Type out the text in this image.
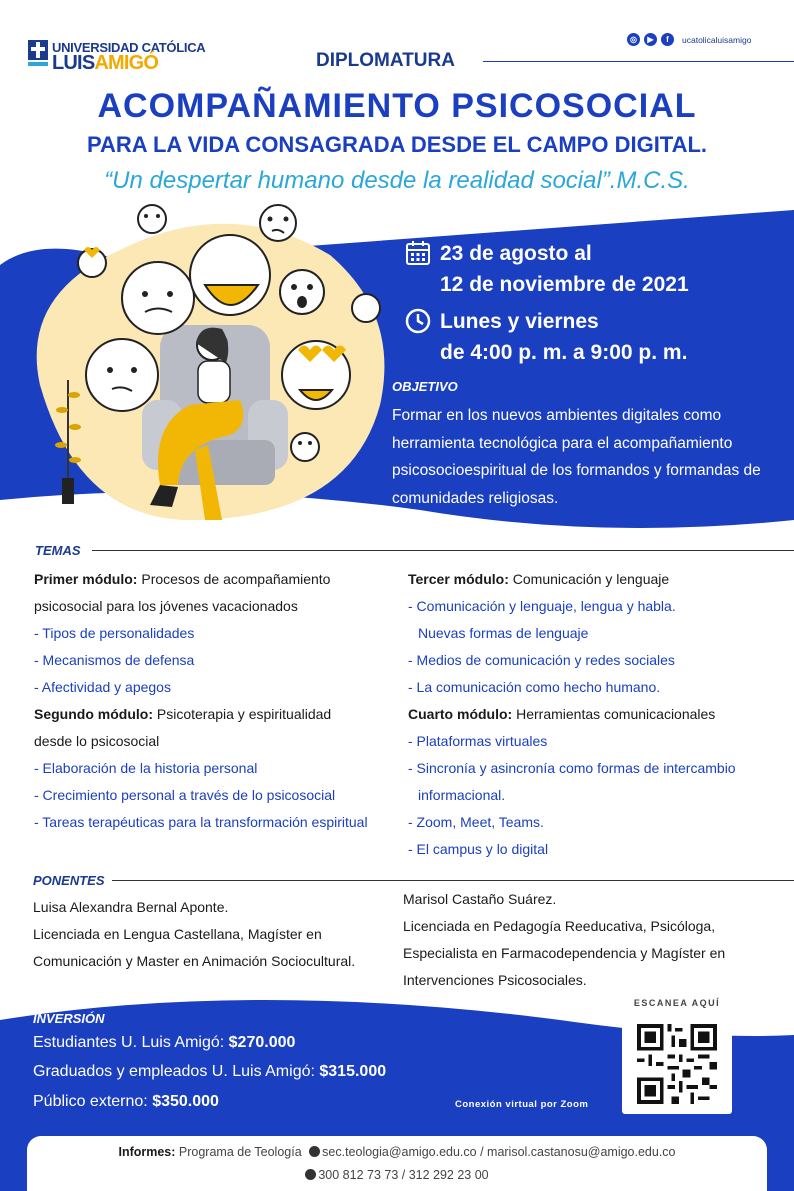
UNIVERSIDAD CATÓLICA
LUISAMIGÓ
◎	▶	f	ucatolicaluisamigo
DIPLOMATURA
ACOMPAÑAMIENTO PSICOSOCIAL
PARA LA VIDA CONSAGRADA DESDE EL CAMPO DIGITAL.
“Un despertar humano desde la realidad social”.M.C.S.
23 de agosto al
12 de noviembre de 2021
Lunes y viernes
de 4:00 p. m. a 9:00 p. m.
OBJETIVO
Formar en los nuevos ambientes digitales como herramienta tecnológica para el acompañamiento psicosocioespiritual de los formandos y formandas de comunidades religiosas.
TEMAS
Primer módulo: Procesos de acompañamiento
psicosocial para los jóvenes vacacionados
- Tipos de personalidades
- Mecanismos de defensa
- Afectividad y apegos
Segundo módulo: Psicoterapia y espiritualidad
desde lo psicosocial
- Elaboración de la historia personal
- Crecimiento personal a través de lo psicosocial
- Tareas terapéuticas para la transformación espiritual
Tercer módulo: Comunicación y lenguaje
- Comunicación y lenguaje, lengua y habla.
Nuevas formas de lenguaje
- Medios de comunicación y redes sociales
- La comunicación como hecho humano.
Cuarto módulo: Herramientas comunicacionales
- Plataformas virtuales
- Sincronía y asincronía como formas de intercambio
informacional.
- Zoom, Meet, Teams.
- El campus y lo digital
PONENTES
Luisa Alexandra Bernal Aponte.
Licenciada en Lengua Castellana, Magíster en
Comunicación y Master en Animación Sociocultural.
Marisol Castaño Suárez.
Licenciada en Pedagogía Reeducativa, Psicóloga,
Especialista en Farmacodependencia y Magíster en
Intervenciones Psicosociales.
INVERSIÓN
Estudiantes U. Luis Amigó: $270.000
Graduados y empleados U. Luis Amigó: $315.000
Público externo: $350.000
ESCANEA AQUÍ
Conexión virtual por Zoom
Informes: Programa de Teología sec.teologia@amigo.edu.co / marisol.castanosu@amigo.edu.co
300 812 73 73 / 312 292 23 00
